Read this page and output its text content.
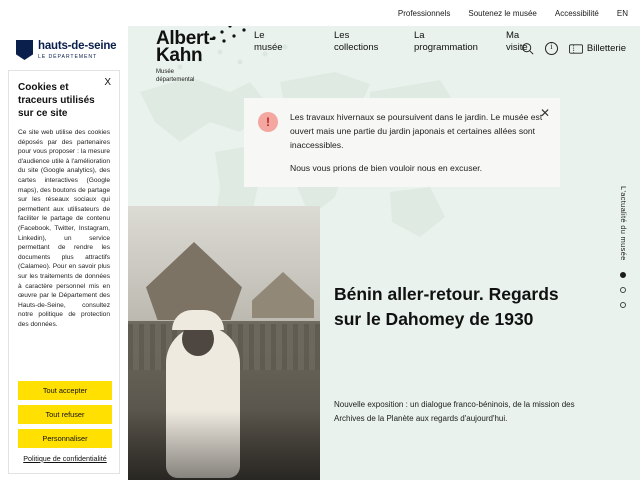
Professionnels Soutenez le musée Accessibilité EN
hauts-de-seine
LE DÉPARTEMENT
Albert-
Kahn
Musée
départemental
Le
musée
Les
collections
La
programmation
Ma
visite i	Billetterie
!	Les travaux hivernaux se poursuivent dans le jardin. Le musée est ouvert mais une partie du jardin japonais et certaines allées sont inaccessibles.

Nous vous prions de bien vouloir nous en excuser.

✕
Bénin aller-retour. Regards sur le Dahomey de 1930
Nouvelle exposition : un dialogue franco-béninois, de la mission des Archives de la Planète aux regards d'aujourd'hui.
L'actualité du musée
X
Cookies et traceurs utilisés sur ce site
Ce site web utilise des cookies déposés par des partenaires pour vous proposer : la mesure d'audience utile à l'amélioration du site (Google analytics), des cartes interactives (Google maps), des boutons de partage sur les réseaux sociaux qui permettent aux utilisateurs de faciliter le partage de contenu (Facebook, Twitter, Instagram, Linkedin), un service permettant de rendre les documents plus attractifs (Calameo). Pour en savoir plus sur les traitements de données à caractère personnel mis en œuvre par le Département des Hauts-de-Seine, consultez notre politique de protection des données.
Tout accepter
Tout refuser
Personnaliser
Politique de confidentialité
